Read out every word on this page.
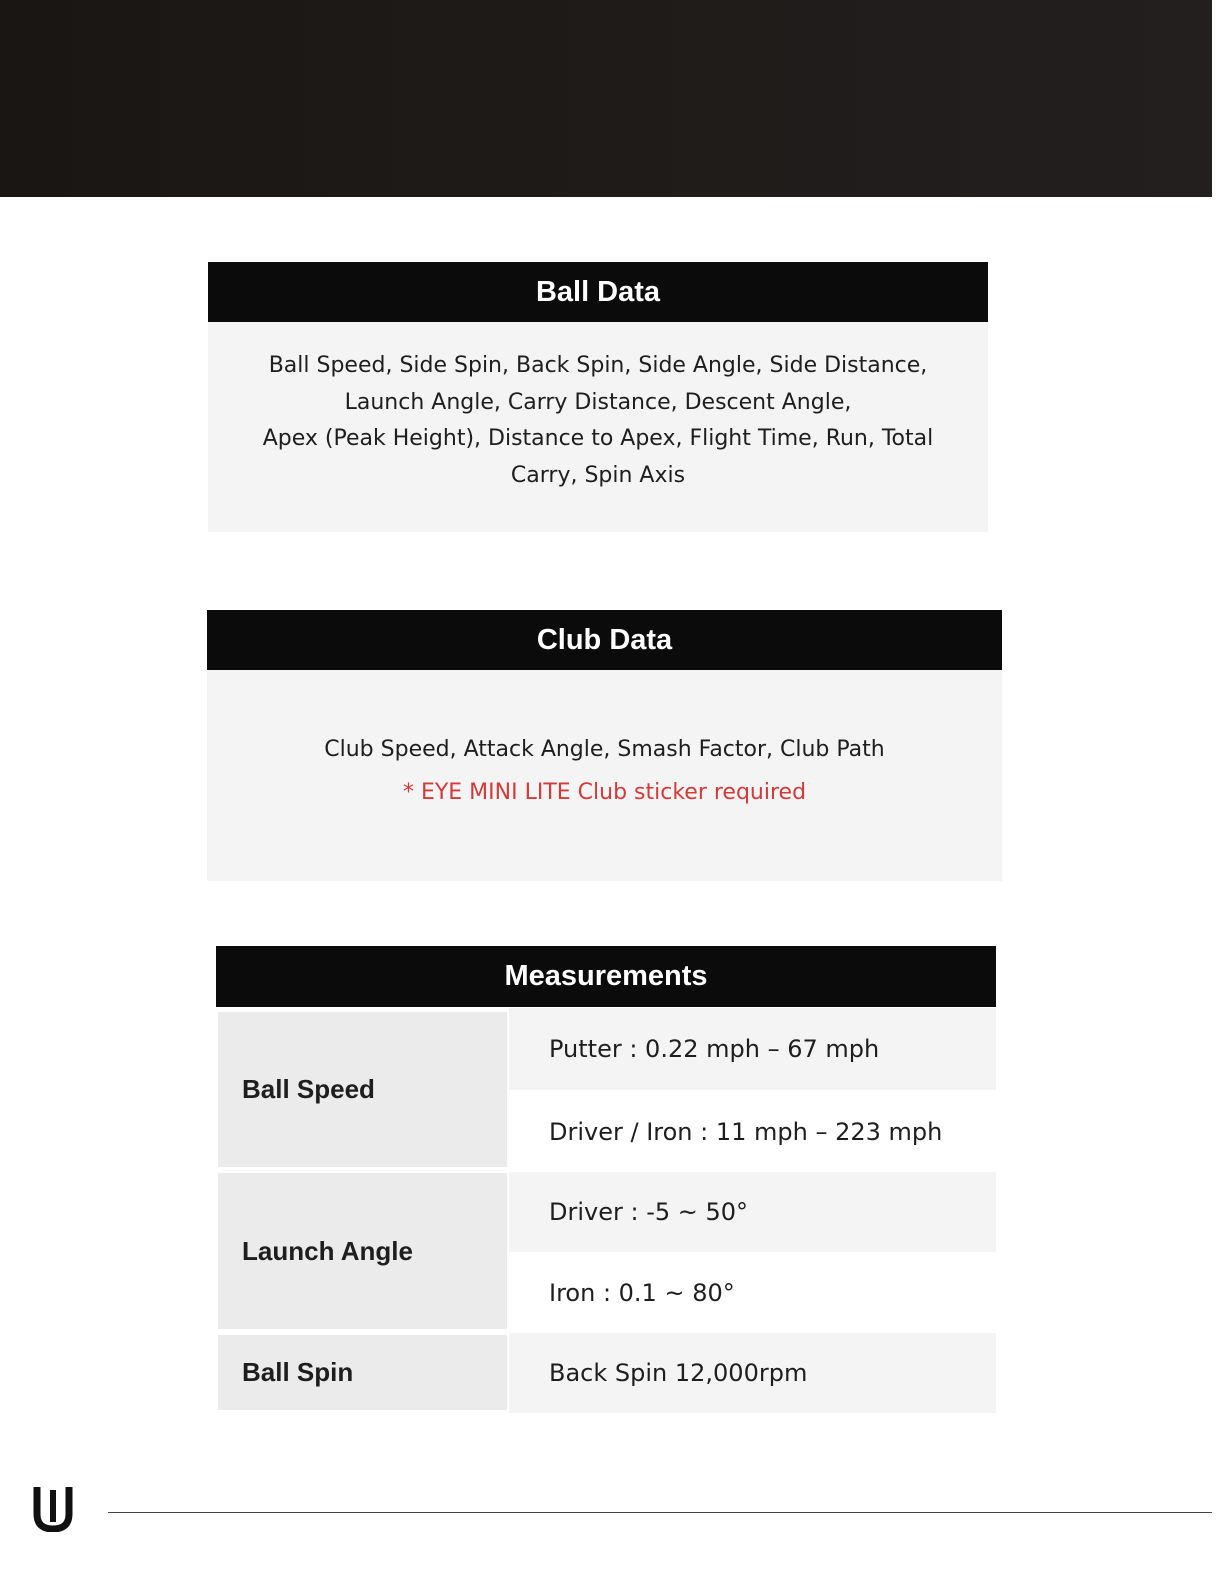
Ball Data
Ball Speed, Side Spin, Back Spin, Side Angle, Side Distance,
Launch Angle, Carry Distance, Descent Angle,
Apex (Peak Height), Distance to Apex, Flight Time, Run, Total
Carry, Spin Axis
Club Data
Club Speed, Attack Angle, Smash Factor, Club Path
* EYE MINI LITE Club sticker required
Measurements
Ball Speed
Putter : 0.22 mph – 67 mph
Driver / Iron : 11 mph – 223 mph
Launch Angle
Driver : -5 ~ 50°
Iron : 0.1 ~ 80°
Ball Spin	Back Spin 12,000rpm
